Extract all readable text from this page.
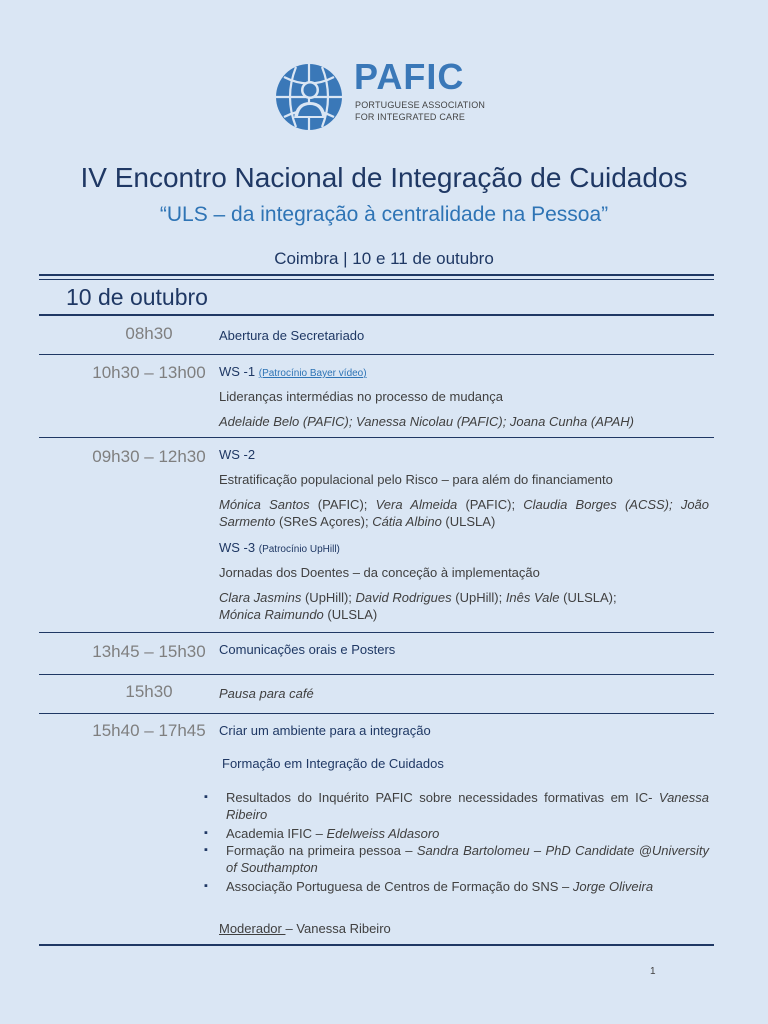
PAFIC
PORTUGUESE ASSOCIATION
FOR INTEGRATED CARE
IV Encontro Nacional de Integração de Cuidados
“ULS – da integração à centralidade na Pessoa”
Coimbra | 10 e 11 de outubro
10 de outubro
08h30	Abertura de Secretariado
10h30 – 13h00	WS -1 (Patrocínio Bayer vídeo)
Lideranças intermédias no processo de mudança
Adelaide Belo (PAFIC); Vanessa Nicolau (PAFIC); Joana Cunha (APAH)
09h30 – 12h30	WS -2
Estratificação populacional pelo Risco – para além do financiamento
Mónica Santos (PAFIC); Vera Almeida (PAFIC); Claudia Borges (ACSS); João Sarmento (SReS Açores); Cátia Albino (ULSLA)
WS -3 (Patrocínio UpHill)
Jornadas dos Doentes – da conceção à implementação
Clara Jasmins (UpHill); David Rodrigues (UpHill); Inês Vale (ULSLA);
Mónica Raimundo (ULSLA)
13h45 – 15h30	Comunicações orais e Posters
15h30	Pausa para café
15h40 – 17h45	Criar um ambiente para a integração
Formação em Integração de Cuidados
▪ Resultados do Inquérito PAFIC sobre necessidades formativas em IC- Vanessa Ribeiro
▪ Academia IFIC – Edelweiss Aldasoro
▪ Formação na primeira pessoa – Sandra Bartolomeu – PhD Candidate @University of Southampton
▪ Associação Portuguesa de Centros de Formação do SNS – Jorge Oliveira
Moderador – Vanessa Ribeiro
1
